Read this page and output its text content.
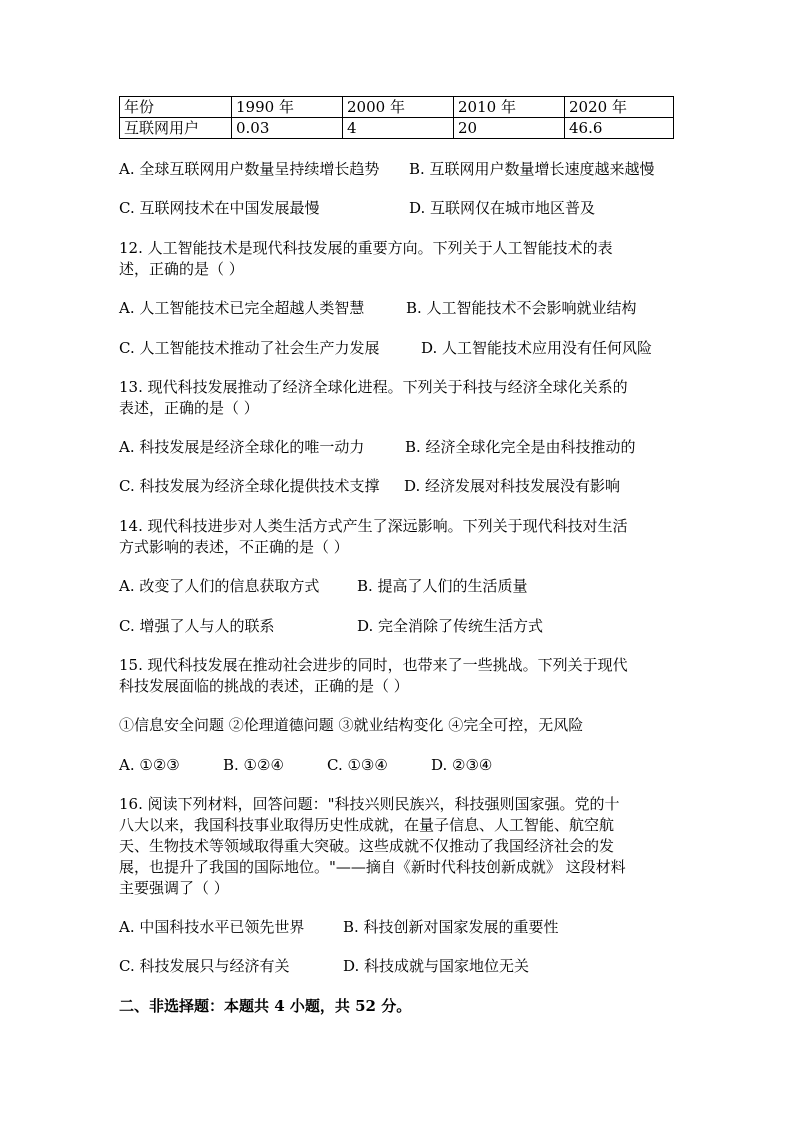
年份	1990 年	2000 年	2010 年	2020 年
互联网用户	0.03	4	20	46.6
A. 全球互联网用户数量呈持续增长趋势 B. 互联网用户数量增长速度越来越慢
C. 互联网技术在中国发展最慢	D. 互联网仅在城市地区普及
12. 人工智能技术是现代科技发展的重要方向。下列关于人工智能技术的表
述，正确的是（ ）
A. 人工智能技术已完全超越人类智慧	B. 人工智能技术不会影响就业结构
C. 人工智能技术推动了社会生产力发展	D. 人工智能技术应用没有任何风险
13. 现代科技发展推动了经济全球化进程。下列关于科技与经济全球化关系的
表述，正确的是（ ）
A. 科技发展是经济全球化的唯一动力	B. 经济全球化完全是由科技推动的
C. 科技发展为经济全球化提供技术支撑 D. 经济发展对科技发展没有影响
14. 现代科技进步对人类生活方式产生了深远影响。下列关于现代科技对生活
方式影响的表述，不正确的是（ ）
A. 改变了人们的信息获取方式	B. 提高了人们的生活质量
C. 增强了人与人的联系	D. 完全消除了传统生活方式
15. 现代科技发展在推动社会进步的同时，也带来了一些挑战。下列关于现代
科技发展面临的挑战的表述，正确的是（ ）
①信息安全问题 ②伦理道德问题 ③就业结构变化 ④完全可控，无风险
A. ①②③	B. ①②④	C. ①③④	D. ②③④
16. 阅读下列材料，回答问题："科技兴则民族兴，科技强则国家强。党的十
八大以来，我国科技事业取得历史性成就，在量子信息、人工智能、航空航
天、生物技术等领域取得重大突破。这些成就不仅推动了我国经济社会的发
展，也提升了我国的国际地位。"——摘自《新时代科技创新成就》 这段材料
主要强调了（ ）
A. 中国科技水平已领先世界	B. 科技创新对国家发展的重要性
C. 科技发展只与经济有关	D. 科技成就与国家地位无关
二、非选择题：本题共 4 小题，共 52 分。
